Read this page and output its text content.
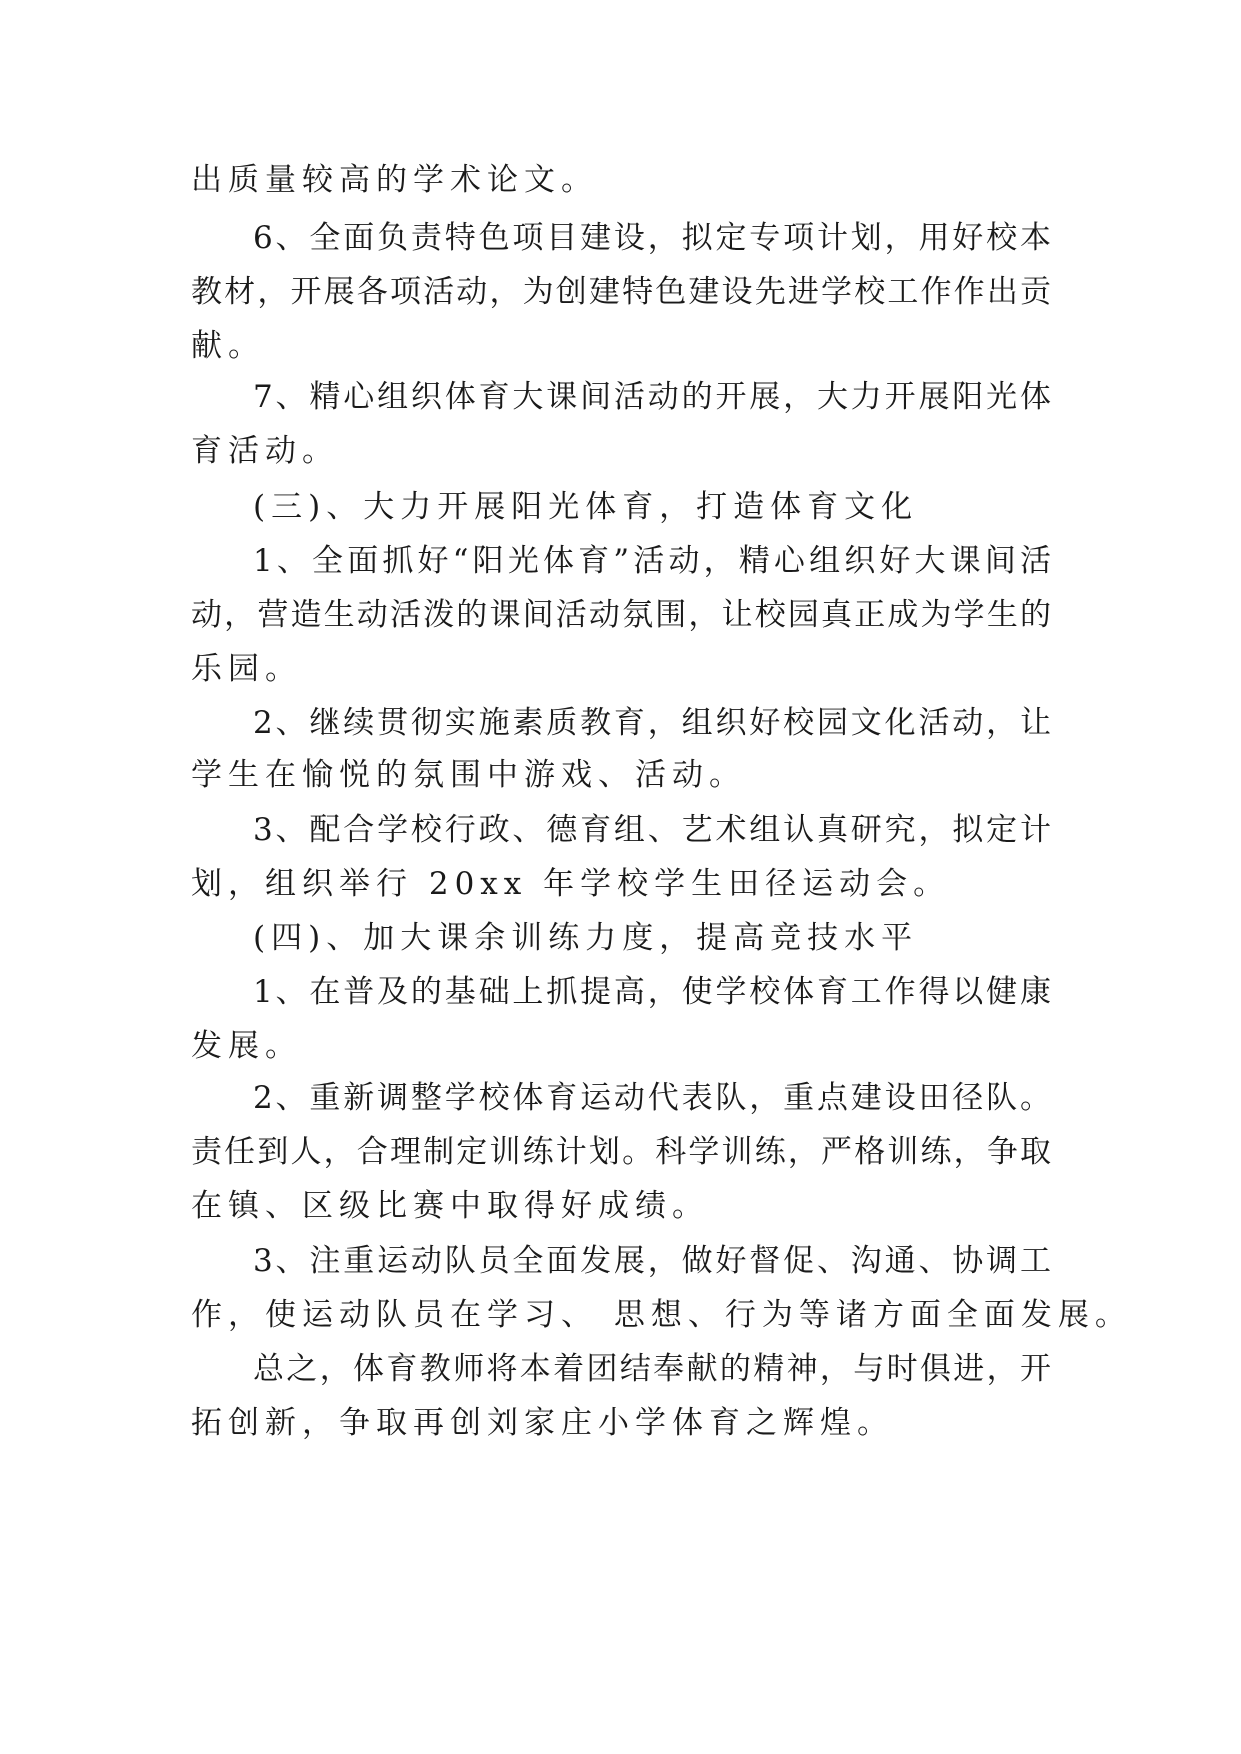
出质量较高的学术论文。
6、全面负责特色项目建设，拟定专项计划，用好校本
教材，开展各项活动，为创建特色建设先进学校工作作出贡
献。
7、精心组织体育大课间活动的开展，大力开展阳光体
育活动。
(三)、大力开展阳光体育，打造体育文化
1、全面抓好“阳光体育”活动，精心组织好大课间活
动，营造生动活泼的课间活动氛围，让校园真正成为学生的
乐园。
2、继续贯彻实施素质教育，组织好校园文化活动，让
学生在愉悦的氛围中游戏、活动。
3、配合学校行政、德育组、艺术组认真研究，拟定计
划，组织举行 20xx 年学校学生田径运动会。
(四)、加大课余训练力度，提高竞技水平
1、在普及的基础上抓提高，使学校体育工作得以健康
发展。
2、重新调整学校体育运动代表队，重点建设田径队。
责任到人，合理制定训练计划。科学训练，严格训练，争取
在镇、区级比赛中取得好成绩。
3、注重运动队员全面发展，做好督促、沟通、协调工
作，使运动队员在学习、 思想、行为等诸方面全面发展。
总之，体育教师将本着团结奉献的精神，与时俱进，开
拓创新，争取再创刘家庄小学体育之辉煌。
